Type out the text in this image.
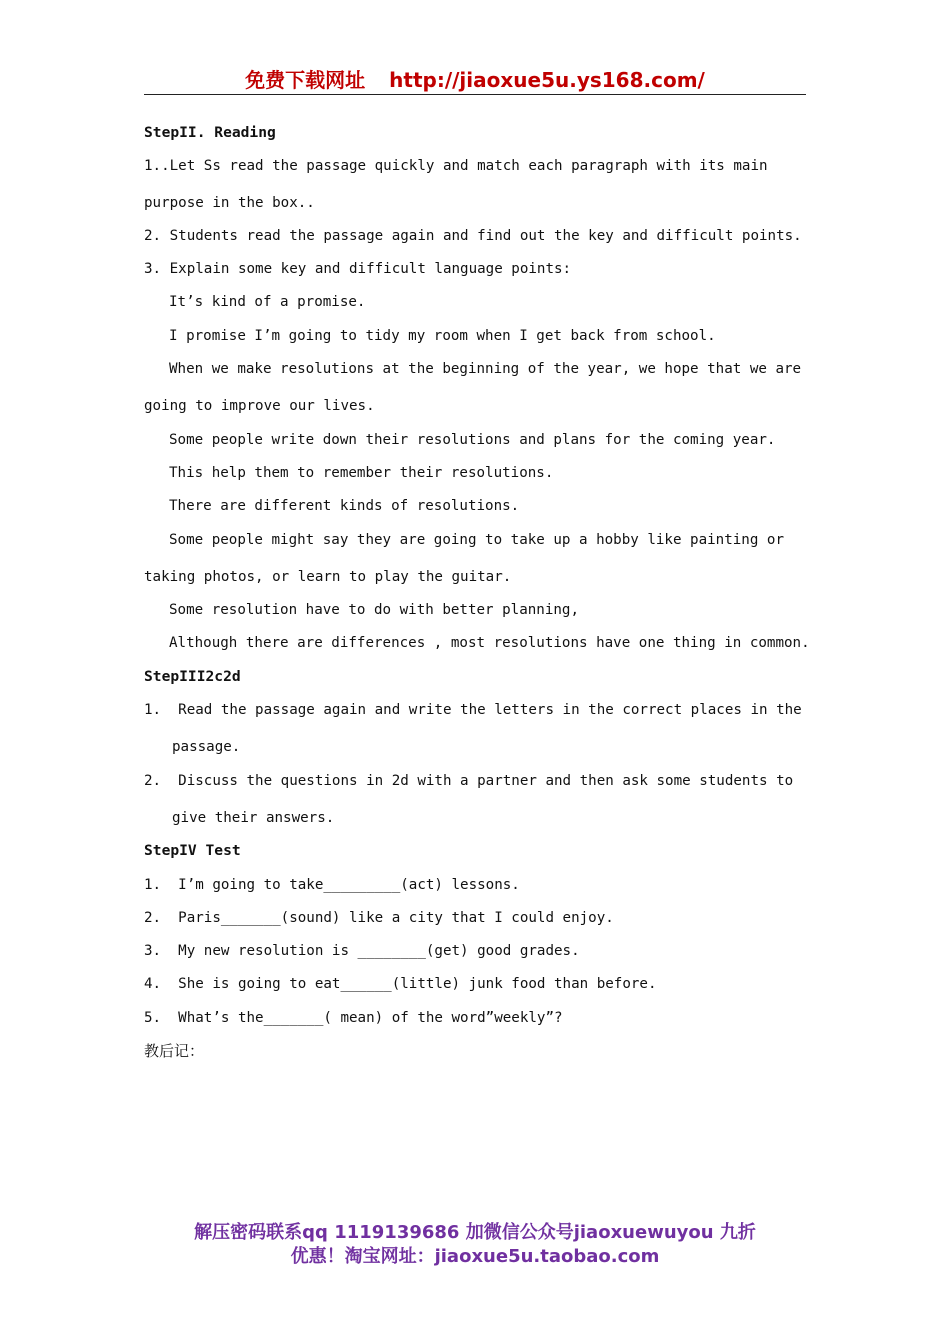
免费下载网址 http://jiaoxue5u.ys168.com/
StepII. Reading
1..Let Ss read the passage quickly and match each paragraph with its main
purpose in the box..
2. Students read the passage again and find out the key and difficult points.
3. Explain some key and difficult language points:
It’s kind of a promise.
I promise I’m going to tidy my room when I get back from school.
When we make resolutions at the beginning of the year, we hope that we are
going to improve our lives.
Some people write down their resolutions and plans for the coming year.
This help them to remember their resolutions.
There are different kinds of resolutions.
Some people might say they are going to take up a hobby like painting or
taking photos, or learn to play the guitar.
Some resolution have to do with better planning,
Although there are differences , most resolutions have one thing in common.
StepIII2c2d
1.  Read the passage again and write the letters in the correct places in the
passage.
2.  Discuss the questions in 2d with a partner and then ask some students to
give their answers.
StepIV Test
1.  I’m going to take_________(act) lessons.
2.  Paris_______(sound) like a city that I could enjoy.
3.  My new resolution is ________(get) good grades.
4.  She is going to eat______(little) junk food than before.
5.  What’s the_______( mean) of the word”weekly”?
教后记：
解压密码联系qq 1119139686 加微信公众号jiaoxuewuyou 九折
优惠！淘宝网址：jiaoxue5u.taobao.com
